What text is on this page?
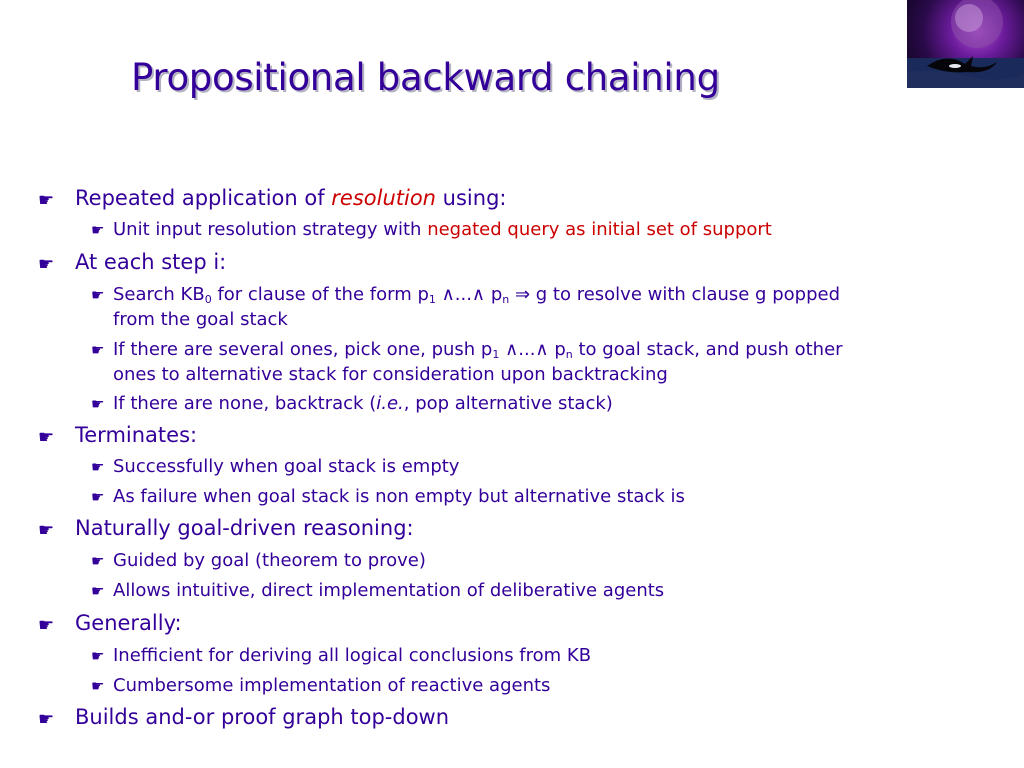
Propositional backward chaining
☛ Repeated application of resolution using:
☛ Unit input resolution strategy with negated query as initial set of support
☛ At each step i:
☛ Search $KB_0$ for clause of the form $p_1$ ∧...∧ $p_n$ ⇒ g to resolve with clause g popped
from the goal stack
☛ If there are several ones, pick one, push $p_1$ ∧...∧ $p_n$ to goal stack, and push other
ones to alternative stack for consideration upon backtracking
☛ If there are none, backtrack (i.e., pop alternative stack)
☛ Terminates:
☛ Successfully when goal stack is empty
☛ As failure when goal stack is non empty but alternative stack is
☛ Naturally goal-driven reasoning:
☛ Guided by goal (theorem to prove)
☛ Allows intuitive, direct implementation of deliberative agents
☛ Generally:
☛ Inefficient for deriving all logical conclusions from KB
☛ Cumbersome implementation of reactive agents
☛ Builds and-or proof graph top-down
